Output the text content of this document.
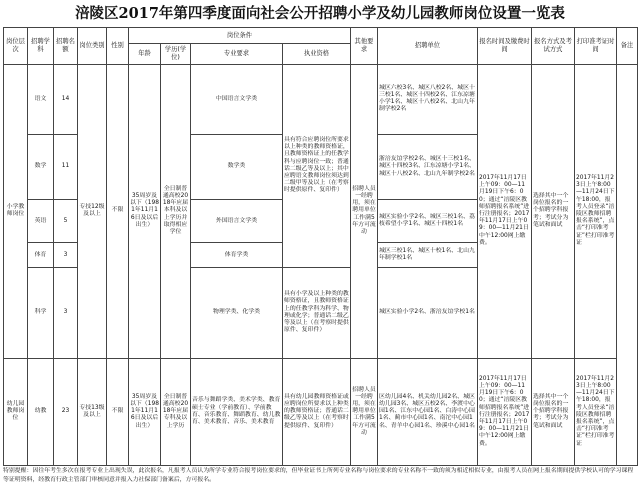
涪陵区2017年第四季度面向社会公开招聘小学及幼儿园教师岗位设置一览表
岗位层次	招聘学科	招聘名额	岗位类别	性别	岗位条件				其他要求	招聘单位	报名时间及缴费时间	报名方式及考试方式	打印准考证时间	备注
					年龄	学历(学位)	专业要求	执业资格						
小学教师岗位	语文	14	专技12级及以上	不限	35周岁及以下（1981年11月16日及以后出生）	全日制普通高校2018年应届本科及以上学历并取得相应学位	中国语言文学类	具有符合应聘岗位所要求以上种类的教师资格证，且教师资格证上的任教学科与应聘岗位一致；普通话二级乙等及以上；其中应聘语文教师岗位须达到二级甲等及以上（在考察时提供原件、复印件）	招聘人员一经聘用，须在聘用单位工作满5年方可流动	城区六校3名、城区八校2名、城区十三校1名、城区十四校2名、江东凉塘小学1名、城区十八校2名、北山九年制学校2名	2017年11月17日上午09：00—11月19日下午6：00；通过“涪陵区教师招聘报名系统”进行注册报名；2017年11月17日上午09：00—11月21日中午12:00网上缴费。	选择其中一个岗位报名的一个招聘学科报考；考试分为笔试和面试	2017年11月23日上午8:00—11月24日下午18:00，报考人员登录“涪陵区教师招聘报名系统”，点击“打印准考证”栏打印准考证	
	数学	11					数学类			浙涪友谊学校2名、城区十三校1名、城区十四校3名、江东凉塘小学1名、城区十八校2名、北山九年制学校2名				
	英语	5					外国语言文学类			城区实验小学2名、城区三校1名、荔枝希望小学1名、城区十四校1名				
	体育	3					体育学类			城区三校1名、城区十校1名、北山九年制学校1名				
	科学	3					物理学类、化学类	具有小学及以上种类的教师资格证，且教师资格证上的任教学科为科学、物理或化学；普通话二级乙等及以上（在考察时提供原件、复印件）		城区实验小学2名、浙涪友谊学校1名				
幼儿园教师岗位	幼教	23	专技13级及以上	不限	35周岁及以下（1981年11月16日及以后出生）	全日制普通高校2018年应届专科及以上学历	音乐与舞蹈学类、美术学类、教育硕士专业（学前教育）、学前教育、音乐教育、舞蹈教育、幼儿教育、美术教育、音乐、美术教育	具有幼儿园教师资格证或应聘岗位所要求以上种类的教师资格证；普通话二级乙等及以上（在考察时提供原件、复印件）	招聘人员一经聘用，须在聘用单位工作满5年方可流动	区幼儿园4名、机关幼儿园2名、城区幼儿园3名、城区五校2名、李渡中心园1名、江东中心园1名、白涛中心园1名、蔺市中心园1名、南沱中心园1名、青羊中心园1名、珍溪中心园1名	2017年11月17日上午09：00—11月19日下午6：00；通过“涪陵区教师招聘报名系统”进行注册报名；2017年11月17日上午09：00—11月21日中午12:00网上缴费。	选择其中一个岗位报名的一个招聘学科报考；考试分为笔试和面试	2017年11月23日上午8:00—11月24日下午18:00，报考人员登录“涪陵区教师招聘报名系统”，点击“打印准考证”栏打印准考证	
特别提醒：因往年考生多次在报考专业上出现失误，此次报名，凡报考人员认为所学专业符合报考岗位要求的，但毕业证书上所列专业名称与岗位要求的专业名称不一致的须为相近相似专业，由报考人员在网上报名期间提供学校认可的学习课程等证明资料，经教育行政主管部门审核同意并报入力社保部门备案后，方可报名。
